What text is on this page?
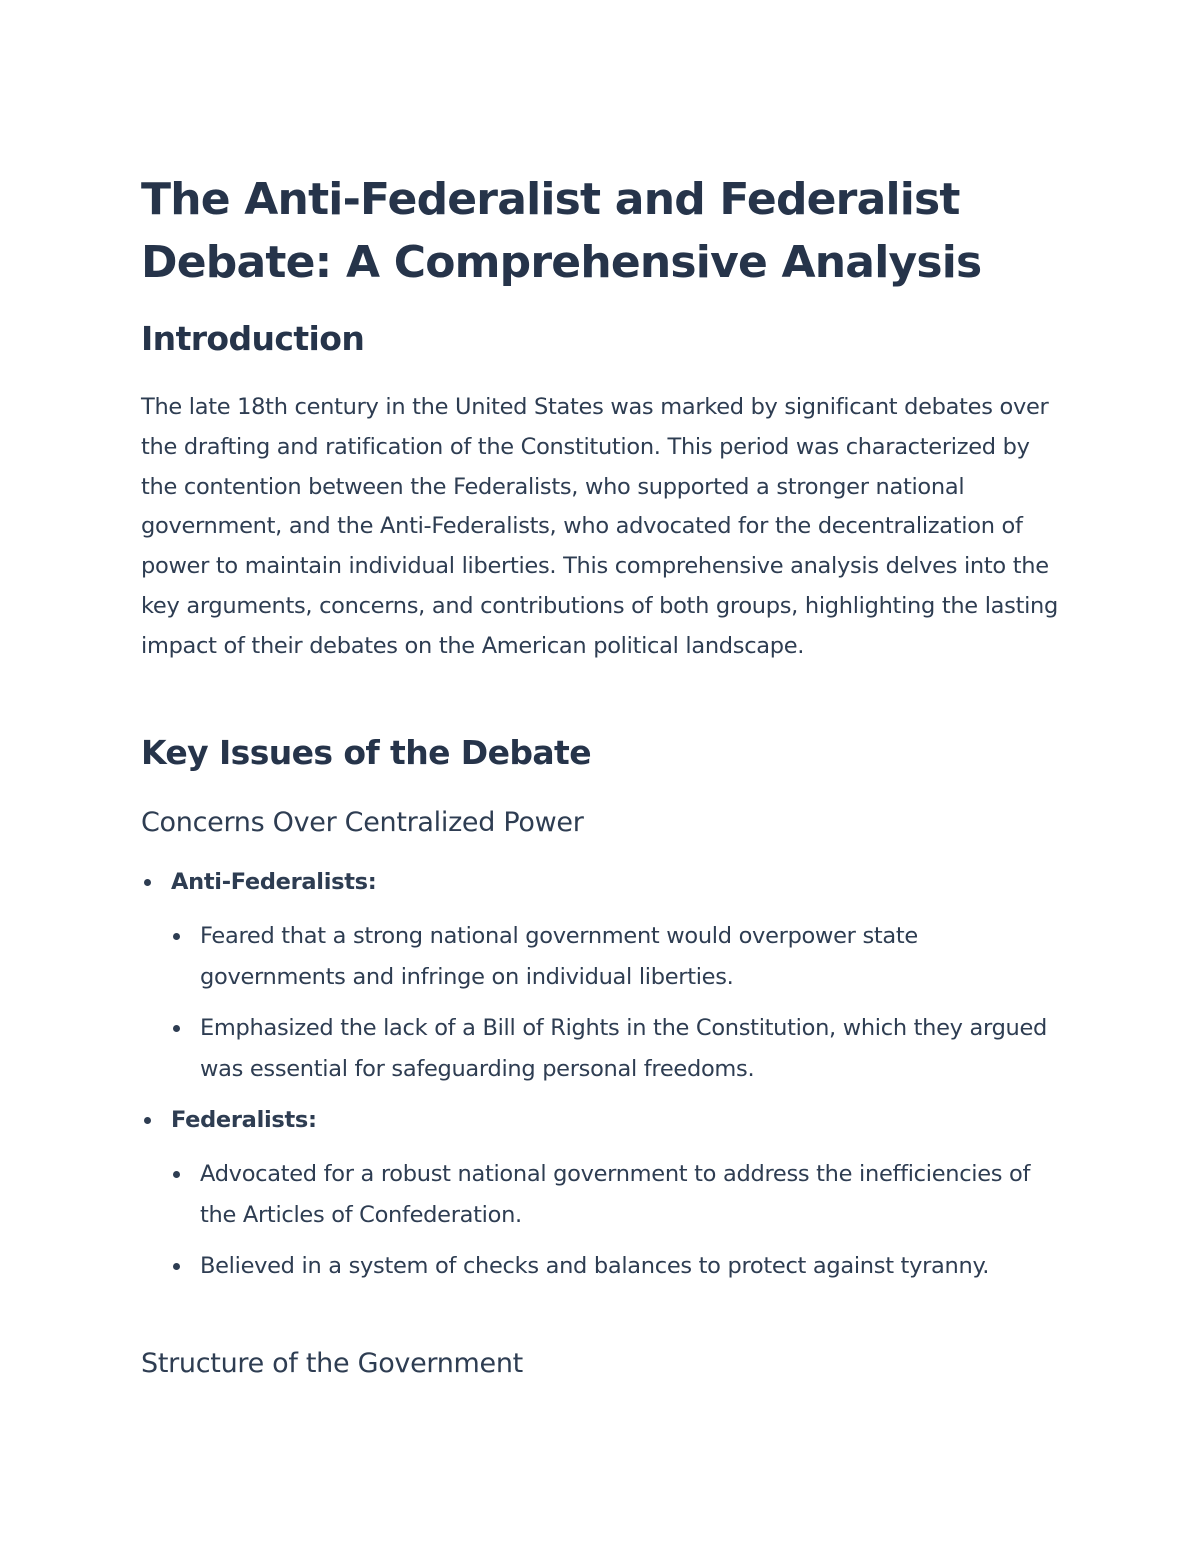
The Anti-Federalist and Federalist Debate: A Comprehensive Analysis
Introduction

The late 18th century in the United States was marked by significant debates over the drafting and ratification of the Constitution. This period was characterized by the contention between the Federalists, who supported a stronger national government, and the Anti-Federalists, who advocated for the decentralization of power to maintain individual liberties. This comprehensive analysis delves into the key arguments, concerns, and contributions of both groups, highlighting the lasting impact of their debates on the American political landscape.

Key Issues of the Debate
Concerns Over Centralized Power
Anti-Federalists:
Feared that a strong national government would overpower state governments and infringe on individual liberties.
Emphasized the lack of a Bill of Rights in the Constitution, which they argued was essential for safeguarding personal freedoms.
Federalists:
Advocated for a robust national government to address the inefficiencies of the Articles of Confederation.
Believed in a system of checks and balances to protect against tyranny.
Structure of the Government
